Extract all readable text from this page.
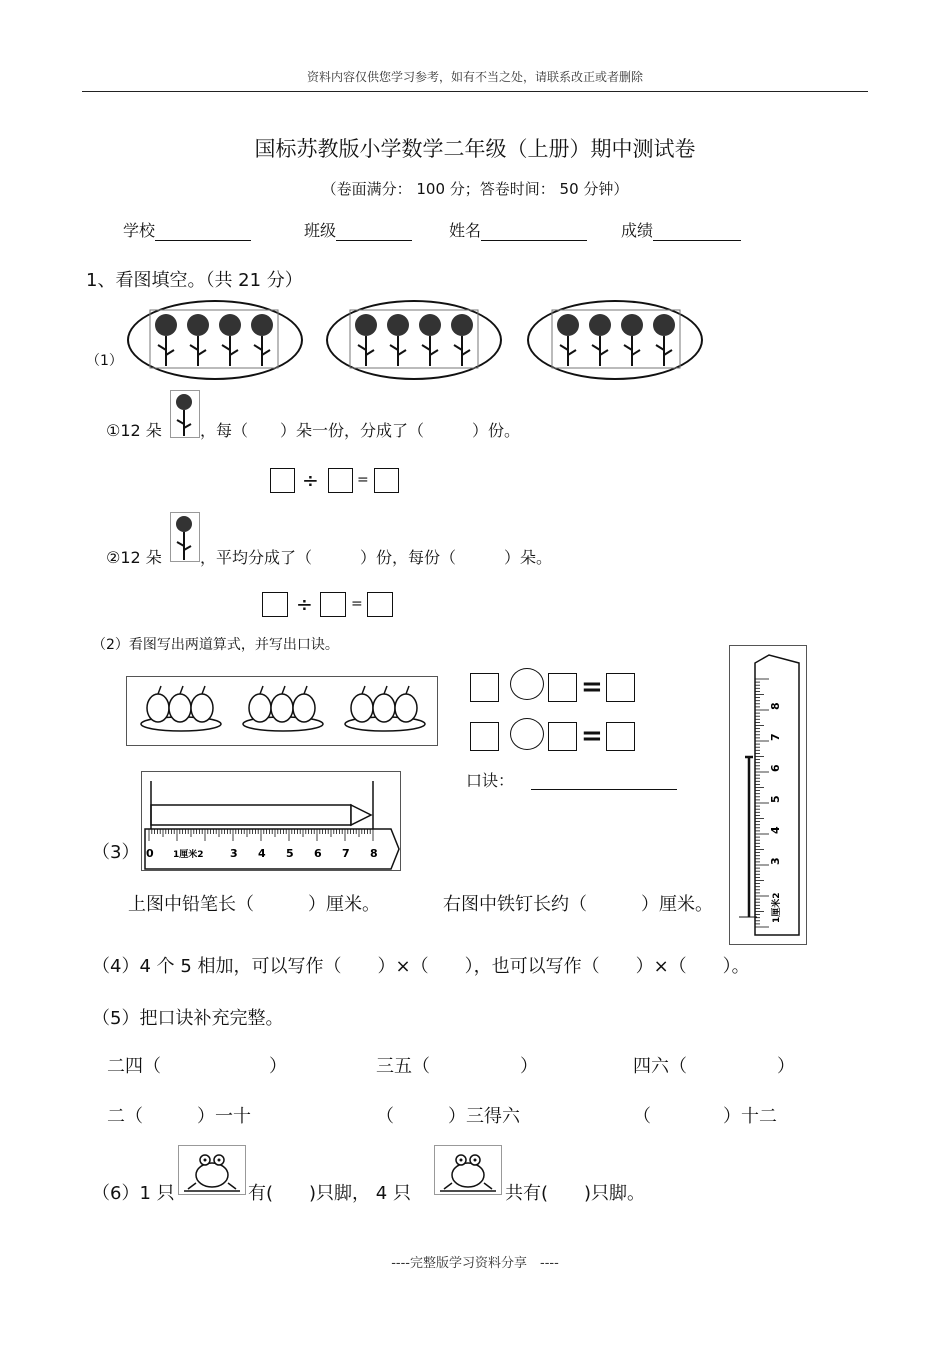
资料内容仅供您学习参考，如有不当之处，请联系改正或者删除
国标苏教版小学数学二年级（上册）期中测试卷
（卷面满分： 100 分；答卷时间： 50 分钟）
学校	班级	姓名	成绩
1、看图填空。（共 21 分）
（1）
①12 朵 ，每（　　）朵一份，分成了（　　　）份。
÷	=
②12 朵 ，平均分成了（　　　）份，每份（　　　）朵。
÷	=
（2）看图写出两道算式，并写出口诀。
=
=
口诀：
0	3 4 5 6 7 8
1厘米2
（3）	3
4
5
6
7
8
1厘米2
上图中铅笔长（　　　）厘米。	右图中铁钉长约（　　　）厘米。
（4）4 个 5 相加，可以写作（　　）×（　　），也可以写作（　　）×（　　）。
（5）把口诀补充完整。
二四（　　　　　　）	三五（　　　　　）	四六（　　　　　）
二（　　　）一十	（　　　）三得六	（　　　　）十二
（6）1 只	有(　　)只脚， 4 只	共有(　　)只脚。
----完整版学习资料分享　----
